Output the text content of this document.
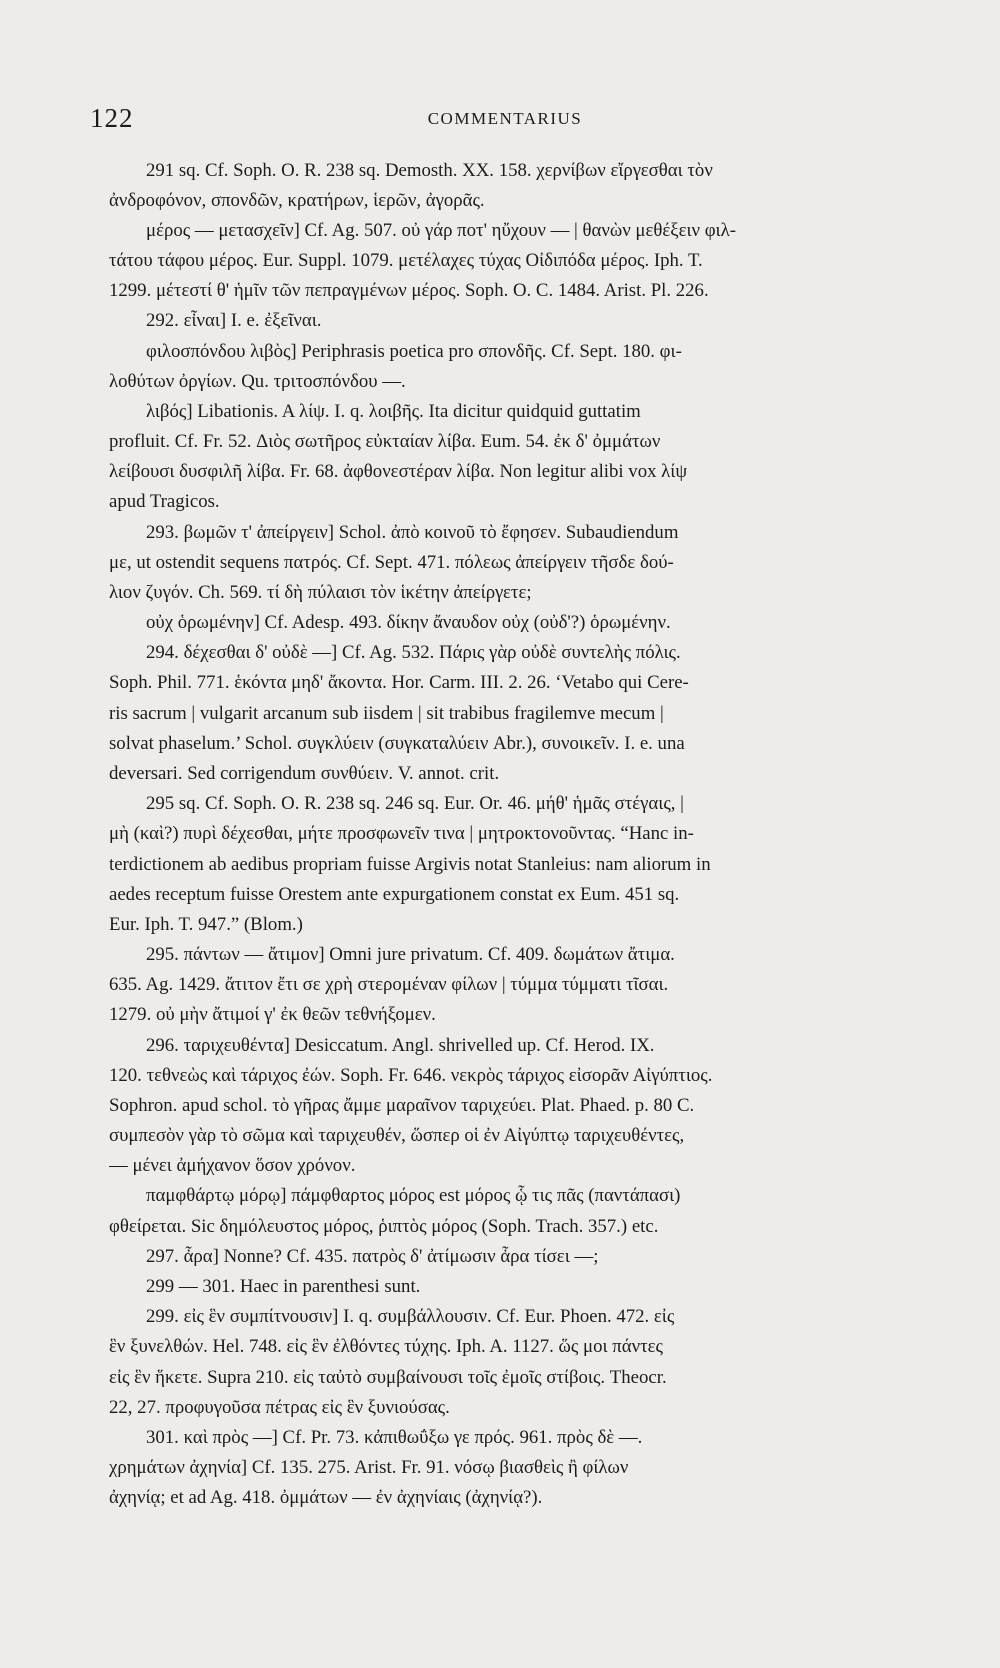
122	COMMENTARIUS
291 sq. Cf. Soph. O. R. 238 sq. Demosth. XX. 158. χερνίβων εἴργεσθαι τὸν
ἀνδροφόνον, σπονδῶν, κρατήρων, ἱερῶν, ἀγορᾶς.
μέρος — μετασχεῖν] Cf. Ag. 507. οὐ γάρ ποτ' ηὔχουν — | θανὼν μεθέξειν φιλ-
τάτου τάφου μέρος. Eur. Suppl. 1079. μετέλαχες τύχας Οἰδιπόδα μέρος. Iph. T.
1299. μέτεστί θ' ἡμῖν τῶν πεπραγμένων μέρος. Soph. O. C. 1484. Arist. Pl. 226.
292. εἶναι] I. e. ἐξεῖναι.
φιλοσπόνδου λιβὸς] Periphrasis poetica pro σπονδῆς. Cf. Sept. 180. φι-
λοθύτων ὀργίων. Qu. τριτοσπόνδου —.
λιβός] Libationis. A λίψ. I. q. λοιβῆς. Ita dicitur quidquid guttatim
profluit. Cf. Fr. 52. Διὸς σωτῆρος εὐκταίαν λίβα. Eum. 54. ἐκ δ' ὀμμάτων
λείβουσι δυσφιλῆ λίβα. Fr. 68. ἀφθονεστέραν λίβα. Non legitur alibi vox λίψ
apud Tragicos.
293. βωμῶν τ' ἀπείργειν] Schol. ἀπὸ κοινοῦ τὸ ἔφησεν. Subaudiendum
με, ut ostendit sequens πατρός. Cf. Sept. 471. πόλεως ἀπείργειν τῆσδε δού-
λιον ζυγόν. Ch. 569. τί δὴ πύλαισι τὸν ἱκέτην ἀπείργετε;
οὐχ ὁρωμένην] Cf. Adesp. 493. δίκην ἄναυδον οὐχ (οὐδ'?) ὁρωμένην.
294. δέχεσθαι δ' οὐδὲ —] Cf. Ag. 532. Πάρις γὰρ οὐδὲ συντελὴς πόλις.
Soph. Phil. 771. ἑκόντα μηδ' ἄκοντα. Hor. Carm. III. 2. 26. ‘Vetabo qui Cere-
ris sacrum | vulgarit arcanum sub iisdem | sit trabibus fragilemve mecum |
solvat phaselum.’ Schol. συγκλύειν (συγκαταλύειν Abr.), συνοικεῖν. I. e. una
deversari. Sed corrigendum συνθύειν. V. annot. crit.
295 sq. Cf. Soph. O. R. 238 sq. 246 sq. Eur. Or. 46. μήθ' ἡμᾶς στέγαις, |
μὴ (καὶ?) πυρὶ δέχεσθαι, μήτε προσφωνεῖν τινα | μητροκτονοῦντας. “Hanc in-
terdictionem ab aedibus propriam fuisse Argivis notat Stanleius: nam aliorum in
aedes receptum fuisse Orestem ante expurgationem constat ex Eum. 451 sq.
Eur. Iph. T. 947.” (Blom.)
295. πάντων — ἄτιμον] Omni jure privatum. Cf. 409. δωμάτων ἄτιμα.
635. Ag. 1429. ἄτιτον ἔτι σε χρὴ στερομέναν φίλων | τύμμα τύμματι τῖσαι.
1279. οὐ μὴν ἄτιμοί γ' ἐκ θεῶν τεθνήξομεν.
296. ταριχευθέντα] Desiccatum. Angl. shrivelled up. Cf. Herod. IX.
120. τεθνεὼς καὶ τάριχος ἐών. Soph. Fr. 646. νεκρὸς τάριχος εἰσορᾶν Αἰγύπτιος.
Sophron. apud schol. τὸ γῆρας ἄμμε μαραῖνον ταριχεύει. Plat. Phaed. p. 80 C.
συμπεσὸν γὰρ τὸ σῶμα καὶ ταριχευθέν, ὥσπερ οἱ ἐν Αἰγύπτῳ ταριχευθέντες,
— μένει ἀμήχανον ὅσον χρόνον.
παμφθάρτῳ μόρῳ] πάμφθαρτος μόρος est μόρος ᾧ τις πᾶς (παντάπασι)
φθείρεται. Sic δημόλευστος μόρος, ῥιπτὸς μόρος (Soph. Trach. 357.) etc.
297. ἆρα] Nonne? Cf. 435. πατρὸς δ' ἀτίμωσιν ἆρα τίσει —;
299 — 301. Haec in parenthesi sunt.
299. εἰς ἓν συμπίτνουσιν] I. q. συμβάλλουσιν. Cf. Eur. Phoen. 472. εἰς
ἓν ξυνελθών. Hel. 748. εἰς ἓν ἐλθόντες τύχης. Iph. A. 1127. ὥς μοι πάντες
εἰς ἓν ἥκετε. Supra 210. εἰς ταὐτὸ συμβαίνουσι τοῖς ἐμοῖς στίβοις. Theocr.
22, 27. προφυγοῦσα πέτρας εἰς ἓν ξυνιούσας.
301. καὶ πρὸς —] Cf. Pr. 73. κἀπιθωΰξω γε πρός. 961. πρὸς δὲ —.
χρημάτων ἀχηνία] Cf. 135. 275. Arist. Fr. 91. νόσῳ βιασθεὶς ἢ φίλων
ἀχηνίᾳ; et ad Ag. 418. ὀμμάτων — ἐν ἀχηνίαις (ἀχηνίᾳ?).
